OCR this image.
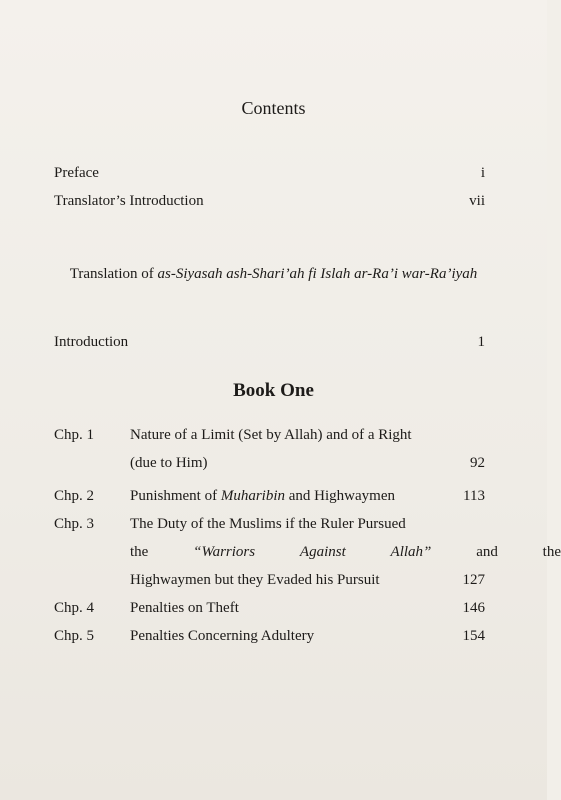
Contents
Preface	i
Translator’s Introduction	vii
Translation of as-Siyasah ash-Shari’ah fi Islah ar-Ra’i war-Ra’iyah
Introduction	1
Book One
Chp. 1 Nature of a Limit (Set by Allah) and of a Right
(due to Him)	92
Chp. 2 Punishment of Muharibin and Highwaymen	113
Chp. 3 The Duty of the Muslims if the Ruler Pursued
the	“Warriors	Against	Allah”	and	the
Highwaymen but they Evaded his Pursuit	127
Chp. 4 Penalties on Theft	146
Chp. 5 Penalties Concerning Adultery	154
